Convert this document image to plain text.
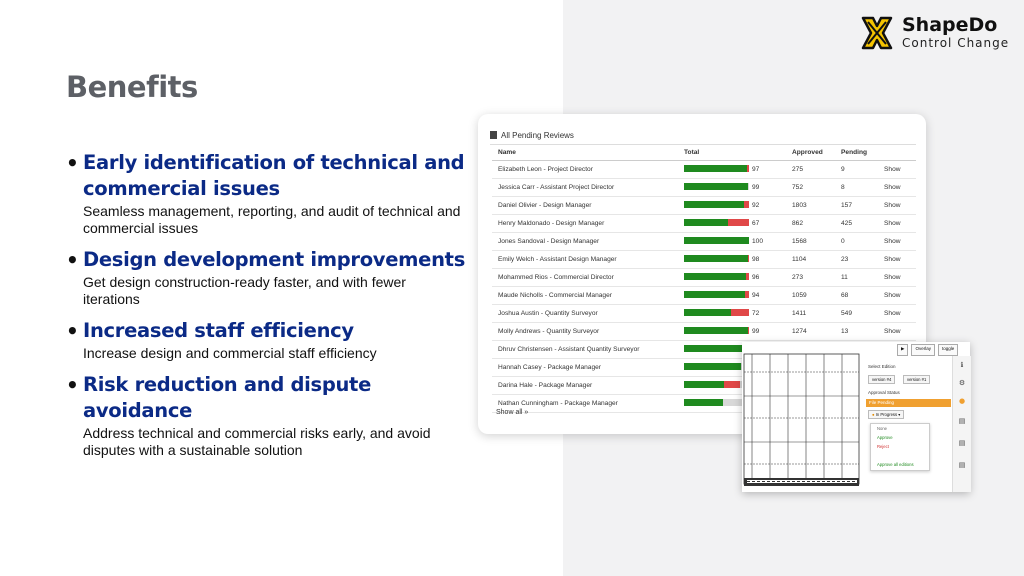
ShapeDo
Control Change
Benefits
• Early identification of technical and commercial issues
Seamless management, reporting, and audit of technical and commercial issues
• Design development improvements
Get design construction-ready faster, and with fewer iterations
• Increased staff efficiency
Increase design and commercial staff efficiency
• Risk reduction and dispute avoidance
Address technical and commercial risks early, and avoid disputes with a sustainable solution
All Pending Reviews
Name	Total	Approved	Pending
Elizabeth Leon - Project Director	97	275	9	Show
Jessica Carr - Assistant Project Director	99	752	8	Show
Daniel Olivier - Design Manager	92	1803	157	Show
Henry Maldonado - Design Manager	67	862	425	Show
Jones Sandoval - Design Manager	100	1568	0	Show
Emily Welch - Assistant Design Manager	98	1104	23	Show
Mohammed Rios - Commercial Director	96	273	11	Show
Maude Nicholls - Commercial Manager	94	1059	68	Show
Joshua Austin - Quantity Surveyor	72	1411	549	Show
Molly Andrews - Quantity Surveyor	99	1274	13	Show
Dhruv Christensen - Assistant Quantity Surveyor
Hannah Casey - Package Manager
Darina Hale - Package Manager
Nathan Cunningham - Package Manager
Show all »
▶	Overlay	toggle
Select Edition
version #4	version #1
Approval Status
File Pending
● In Progress ▾
None
Approve
Reject
Approve all editions
ℹ
⚙
●
▤
▤
▤
